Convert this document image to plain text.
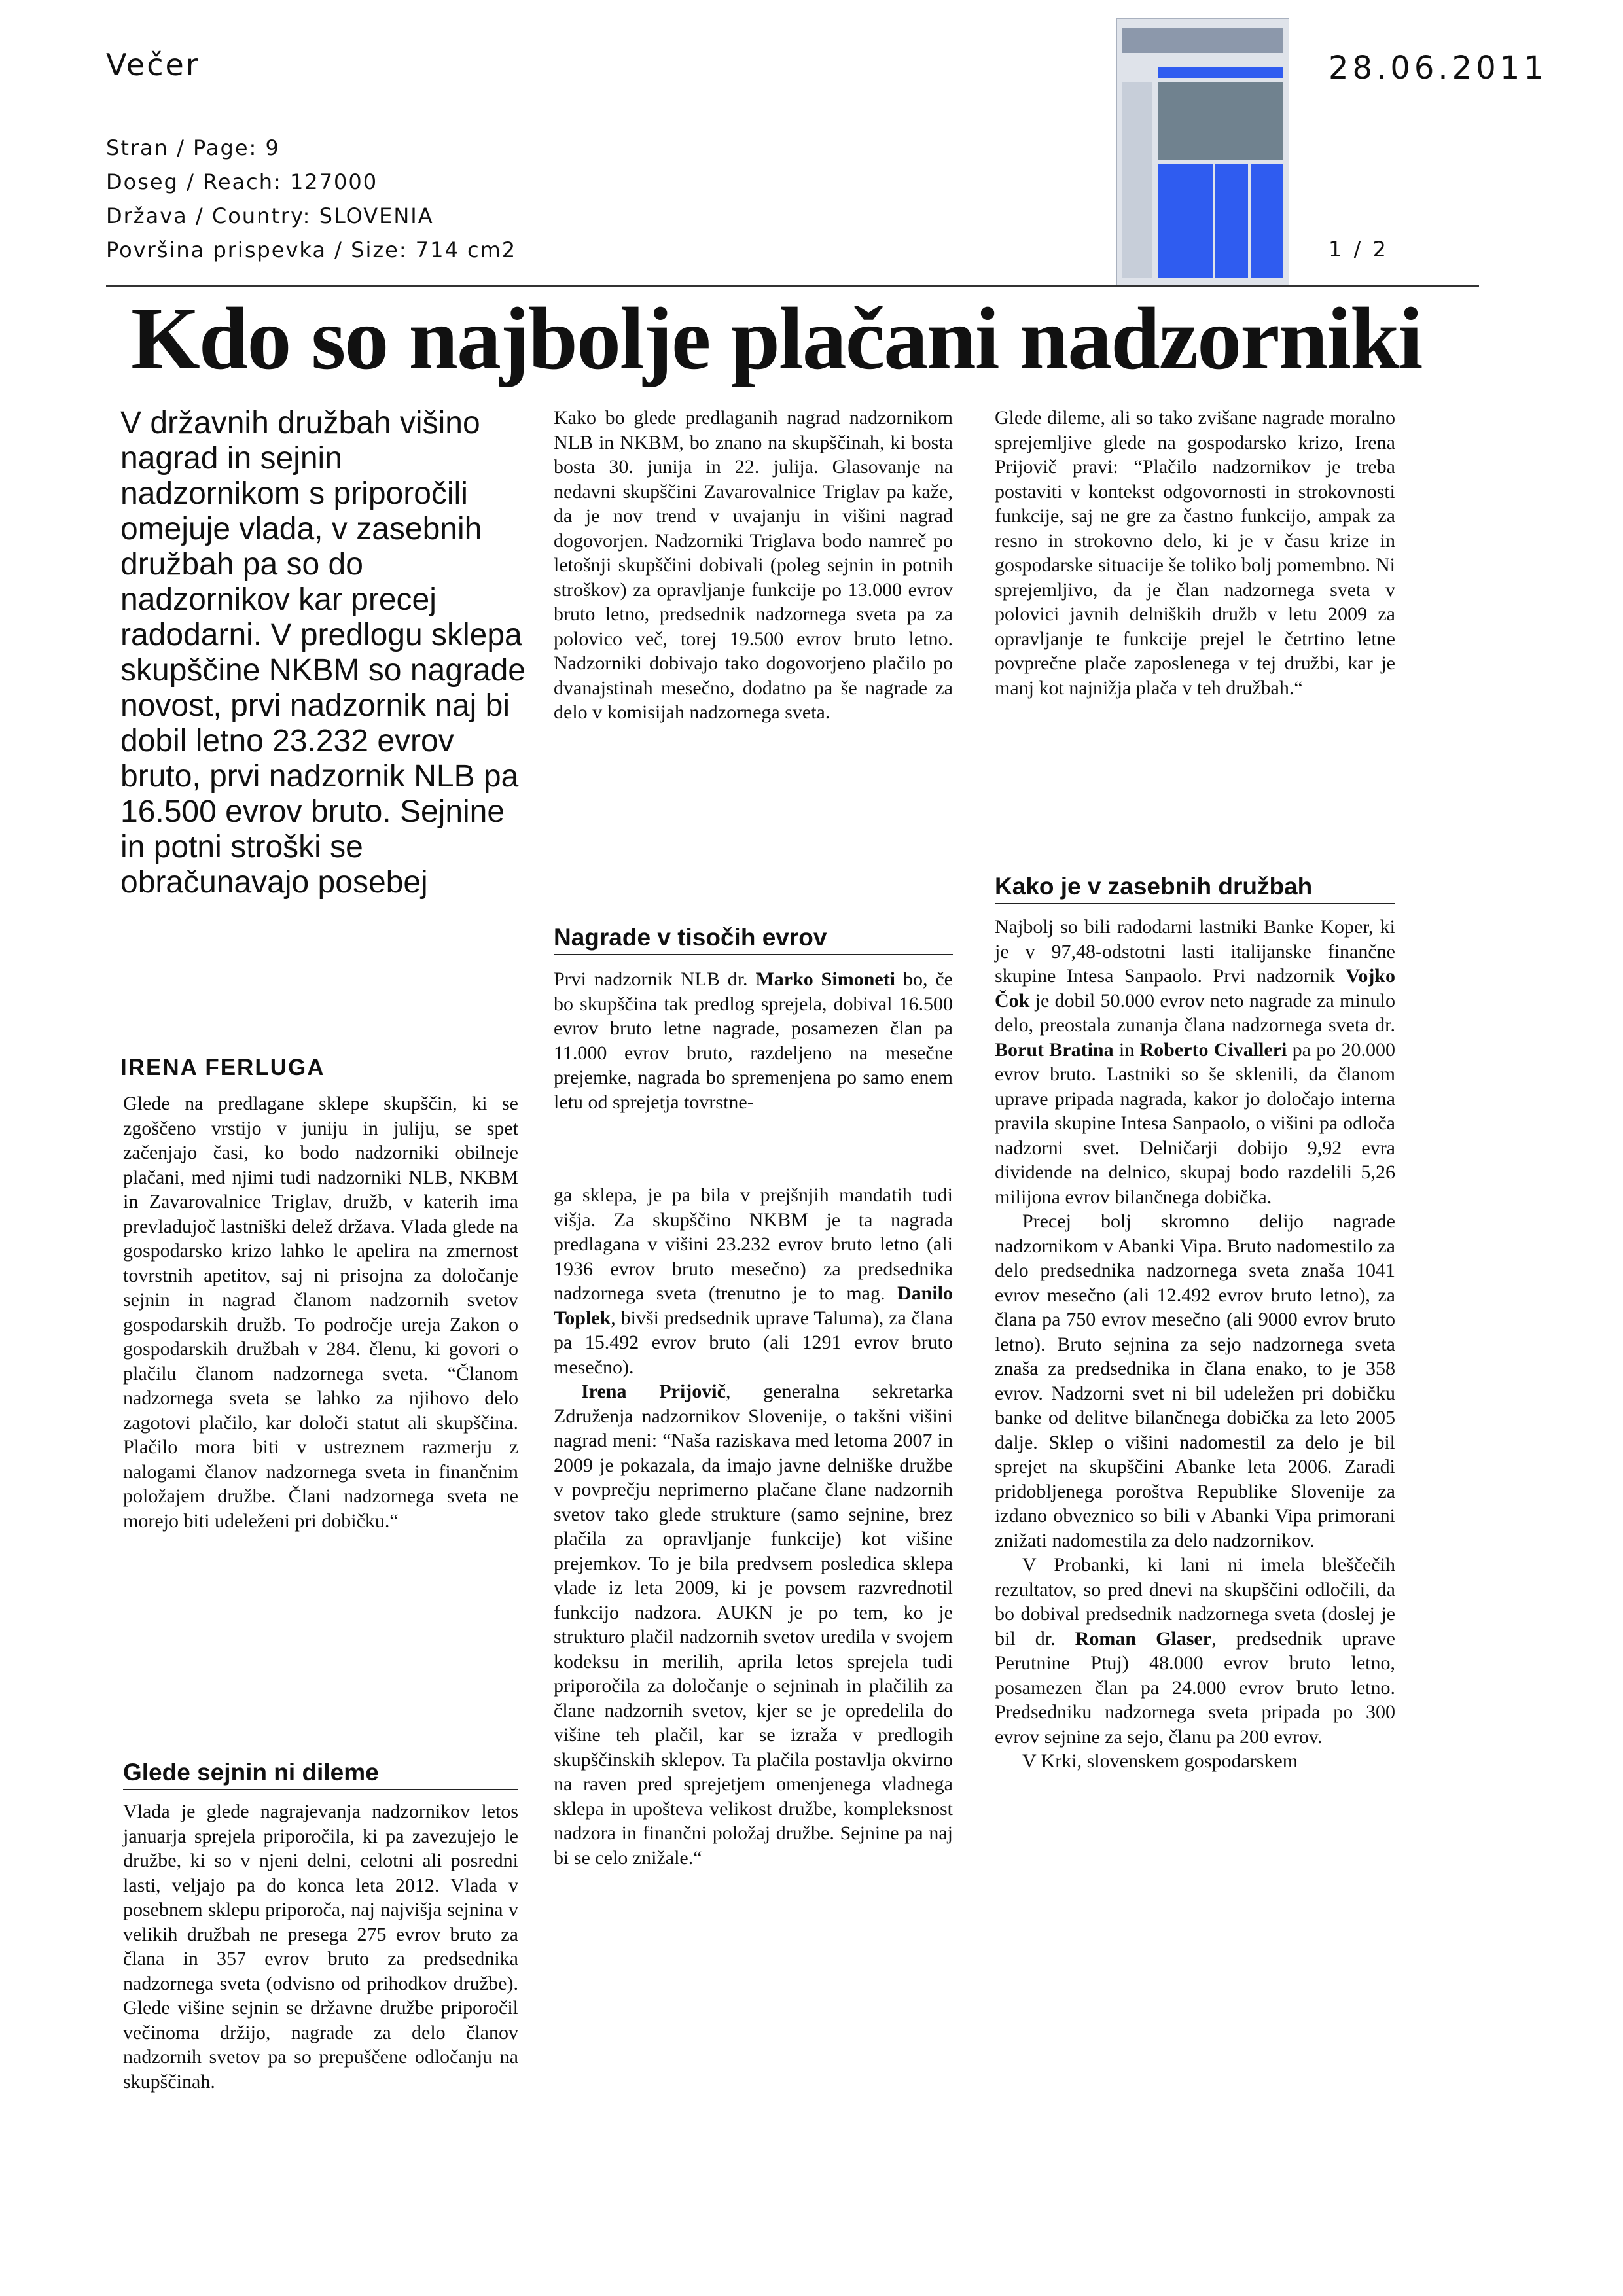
Večer	28.06.2011
Stran / Page: 9
Doseg / Reach: 127000
Država / Country: SLOVENIA
Površina prispevka / Size: 714 cm2	1 / 2
Kdo so najbolje plačani nadzorniki

V državnih družbah višino nagrad in sejnin nadzornikom s priporočili omejuje vlada, v zasebnih družbah pa so do nadzornikov kar precej radodarni. V predlogu sklepa skupščine NKBM so nagrade novost, prvi nadzornik naj bi dobil letno 23.232 evrov bruto, prvi nadzornik NLB pa 16.500 evrov bruto. Sejnine in potni stroški se obračunavajo posebej

IRENA FERLUGA

Glede na predlagane sklepe skupščin, ki se zgoščeno vrstijo v juniju in juliju, se spet začenjajo časi, ko bodo nadzorniki obilneje plačani, med njimi tudi nadzorniki NLB, NKBM in Zavarovalnice Triglav, družb, v katerih ima prevladujoč lastniški delež država. Vlada glede na gospodarsko krizo lahko le apelira na zmernost tovrstnih apetitov, saj ni prisojna za določanje sejnin in nagrad članom nadzornih svetov gospodarskih družb. To področje ureja Zakon o gospodarskih družbah v 284. členu, ki govori o plačilu članom nadzornega sveta. “Članom nadzornega sveta se lahko za njihovo delo zagotovi plačilo, kar določi statut ali skupščina. Plačilo mora biti v ustreznem razmerju z nalogami članov nadzornega sveta in finančnim položajem družbe. Člani nadzornega sveta ne morejo biti udeleženi pri dobičku.“

Glede sejnin ni dileme

Vlada je glede nagrajevanja nadzornikov letos januarja sprejela priporočila, ki pa zavezujejo le družbe, ki so v njeni delni, celotni ali posredni lasti, veljajo pa do konca leta 2012. Vlada v posebnem sklepu priporoča, naj najvišja sejnina v velikih družbah ne presega 275 evrov bruto za člana in 357 evrov bruto za predsednika nadzornega sveta (odvisno od prihodkov družbe). Glede višine sejnin se državne družbe priporočil večinoma držijo, nagrade za delo članov nadzornih svetov pa so prepuščene odločanju na skupščinah.

Kako bo glede predlaganih nagrad nadzornikom NLB in NKBM, bo znano na skupščinah, ki bosta bosta 30. junija in 22. julija. Glasovanje na nedavni skupščini Zavarovalnice Triglav pa kaže, da je nov trend v uvajanju in višini nagrad dogovorjen. Nadzorniki Triglava bodo namreč po letošnji skupščini dobivali (poleg sejnin in potnih stroškov) za opravljanje funkcije po 13.000 evrov bruto letno, predsednik nadzornega sveta pa za polovico več, torej 19.500 evrov bruto letno. Nadzorniki dobivajo tako dogovorjeno plačilo po dvanajstinah mesečno, dodatno pa še nagrade za delo v komisijah nadzornega sveta.

Nagrade v tisočih evrov

Prvi nadzornik NLB dr. Marko Simoneti bo, če bo skupščina tak predlog sprejela, dobival 16.500 evrov bruto letne nagrade, posamezen član pa 11.000 evrov bruto, razdeljeno na mesečne prejemke, nagrada bo spremenjena po samo enem letu od sprejetja tovrstne-

ga sklepa, je pa bila v prejšnjih mandatih tudi višja. Za skupščino NKBM je ta nagrada predlagana v višini 23.232 evrov bruto letno (ali 1936 evrov bruto mesečno) za predsednika nadzornega sveta (trenutno je to mag. Danilo Toplek, bivši predsednik uprave Taluma), za člana pa 15.492 evrov bruto (ali 1291 evrov bruto mesečno).

Irena Prijovič, generalna sekretarka Združenja nadzornikov Slovenije, o takšni višini nagrad meni: “Naša raziskava med letoma 2007 in 2009 je pokazala, da imajo javne delniške družbe v povprečju neprimerno plačane člane nadzornih svetov tako glede strukture (samo sejnine, brez plačila za opravljanje funkcije) kot višine prejemkov. To je bila predvsem posledica sklepa vlade iz leta 2009, ki je povsem razvrednotil funkcijo nadzora. AUKN je po tem, ko je strukturo plačil nadzornih svetov uredila v svojem kodeksu in merilih, aprila letos sprejela tudi priporočila za določanje o sejninah in plačilih za člane nadzornih svetov, kjer se je opredelila do višine teh plačil, kar se izraža v predlogih skupščinskih sklepov. Ta plačila postavlja okvirno na raven pred sprejetjem omenjenega vladnega sklepa in upošteva velikost družbe, kompleksnost nadzora in finančni položaj družbe. Sejnine pa naj bi se celo znižale.“

Glede dileme, ali so tako zvišane nagrade moralno sprejemljive glede na gospodarsko krizo, Irena Prijovič pravi: “Plačilo nadzornikov je treba postaviti v kontekst odgovornosti in strokovnosti funkcije, saj ne gre za častno funkcijo, ampak za resno in strokovno delo, ki je v času krize in gospodarske situacije še toliko bolj pomembno. Ni sprejemljivo, da je član nadzornega sveta v polovici javnih delniških družb v letu 2009 za opravljanje te funkcije prejel le četrtino letne povprečne plače zaposlenega v tej družbi, kar je manj kot najnižja plača v teh družbah.“

Kako je v zasebnih družbah

Najbolj so bili radodarni lastniki Banke Koper, ki je v 97,48-odstotni lasti italijanske finančne skupine Intesa Sanpaolo. Prvi nadzornik Vojko Čok je dobil 50.000 evrov neto nagrade za minulo delo, preostala zunanja člana nadzornega sveta dr. Borut Bratina in Roberto Civalleri pa po 20.000 evrov bruto. Lastniki so še sklenili, da članom uprave pripada nagrada, kakor jo določajo interna pravila skupine Intesa Sanpaolo, o višini pa odloča nadzorni svet. Delničarji dobijo 9,92 evra dividende na delnico, skupaj bodo razdelili 5,26 milijona evrov bilančnega dobička.

Precej bolj skromno delijo nagrade nadzornikom v Abanki Vipa. Bruto nadomestilo za delo predsednika nadzornega sveta znaša 1041 evrov mesečno (ali 12.492 evrov bruto letno), za člana pa 750 evrov mesečno (ali 9000 evrov bruto letno). Bruto sejnina za sejo nadzornega sveta znaša za predsednika in člana enako, to je 358 evrov. Nadzorni svet ni bil udeležen pri dobičku banke od delitve bilančnega dobička za leto 2005 dalje. Sklep o višini nadomestil za delo je bil sprejet na skupščini Abanke leta 2006. Zaradi pridobljenega poroštva Republike Slovenije za izdano obveznico so bili v Abanki Vipa primorani znižati nadomestila za delo nadzornikov.

V Probanki, ki lani ni imela bleščečih rezultatov, so pred dnevi na skupščini odločili, da bo dobival predsednik nadzornega sveta (doslej je bil dr. Roman Glaser, predsednik uprave Perutnine Ptuj) 48.000 evrov bruto letno, posamezen član pa 24.000 evrov bruto letno. Predsedniku nadzornega sveta pripada po 300 evrov sejnine za sejo, članu pa 200 evrov.

V Krki, slovenskem gospodarskem
